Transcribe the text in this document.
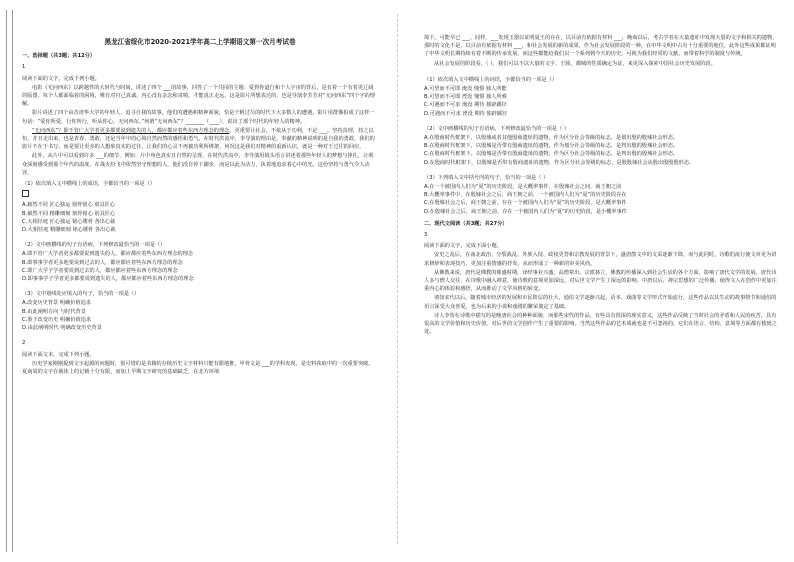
黑龙江省绥化市2020-2021学年高二上学期语文第一次月考试卷
一、选择题（共3题；共12分）
1
阅读下面的文字，完成下列小题。
电影《无问西东》以跨越性的大时代与时间，讲述了四个 ___的故事，回答了一个共同的主题：爱得你道行和个人宇宙的背后，是有着一个有着更辽阔的版图。每个人都面临着的困境，唯有对自己真诚，内心没有杂念和贪嗔，才能真正走远，这是影片所想表达的，也是导演李芳芳对“无问西东”四个字的理解。
影片讲述了四个由昔清华大学的年轻人，追寻自我的故事，他们的遭遇和精神面貌，恰是千帆过尽的时代下大多数人的遭遇。影片用群像拍成了这样一句话：“爱你所爱，行你所行，听从你心，无问西东。”何谓“无问西东”？_______（____），说出了那个时代的年轻人的精神。
“无问西东”？即不管广大学者更多都要说到遗失的人，都应都应着些东西方理念的理念。更重要让社会，不依从于功利，不论 ___。坚持真理，持之以恒，并且走出来，也是青春、勇敢，还是当年中的心境自然而然的感悟和勇气，在时代洪流中，李导演的理由是，奉献的精神说明的是自我的勇敢，我们的影片不在于书写，而是要让更多的人想象真实的过往，让我们的心灵不再被功利所绑架，何况这是我们对精神的重新认识，就是一种对于过往的回应。
此外，从片中可以看到许多 ___的细节，例如：片中角色真实且自然的呈现，在时代洪流中，李导演用镜头语言讲述着那些年轻人的梦想与挣扎，让观众深刻感受到那个年代的温度，在战火纷飞中依然坚守理想的人，他们没有停下脚步，而是以此为动力，执着地追求着心中的光，这份坚持与勇气令人动容。
（1）依次填入文中横线上的成语，全都恰当的一项是（）
A.载然不同 匠心独运 刻骨铭心 别具匠心
B.截然不同 精雕细刻 刻骨铭心 别具匠心
C.大相径庭 匠心独运 铭心镂骨 各出心裁
D.大相径庭 精雕细刻 铭心镂骨 各出心裁
（2）文中画横线的句子有语病，下列修改最恰当的一项是（）
A.即不管广大学者更多都要说到遗失的人，都应都应着些东西方理念的理念
B.即事事学者更多地要说到过去的人，都应都应着些东西方理念的理念
C.即广大学子学者要说到过去的人，都应都应着些东西方理念的理念
D.即事事学子学者更多都要说到遗失的人，都应都应着些东西方理念的理念
（3）文中划线处应填入的句子，恰当的一项是（）
A.改变历史背景 明确价值追求
B.由此阐明方向 与时代背景
C.鉴于改变历史 明确价值追求
D.由此阐明时代 明确改变历史背景
2
阅读下面文本，完成下列小题。
历史学家刚刚提到文字起源的问题时，很可惜的是书籍的存续历史文字材料只能有限地推，甲骨文是 ___的学科发现，是史料获取中的一次重要突破。夏商周的文字在载体上的记载十分有限，而加上早期文字研究的基础缺乏，在北方环境
境下，可能早已 ___。同样，___发现玉器以证明夏王的存在，以目前有依据有材料 ___，晚商以后，考古学者在大量遗址中发现大量的文字和相关的遗物，那时的文化不是，以目前有依据有材料 ___，和社会发展的新的成果，作为社会发展阶段的一种，在中华文明中占有十分重要的地位，此外这些成果都证明了中华文明长期持续有着不断的传承发展，而这些都能给我们以一个系列到今天的历史，可视为我们经常的文献，而带着科学的制度与传统。
从社会发展的阶段看，（ ），我们可以不以大量的文字、王陵、都城的性质确定为证，来更深入探索中国社会历史发展阶段。
（1）依次填入文中横线上的词语，全都恰当的一项是（）
A.可望而不可即 淹没 憧憬 独人所能
B.可望而不可即 湮没 憧憬 独人所难
C.可遇而不可求 淹没 期待 独辟蹊径
D.可遇而不可求 湮没 期待 独辟蹊径
（2）文中画横线的句子有语病，下列修改最恰当的一项是（ ）
A.在殷商时代框架下，以殷墟或者其他殷商遗址的遗物，作为区分社会等级的标志，是划出殷的殷墟社会形态。
B.在殷商时代框架下，以殷墟是否带有殷商遗址的遗物，作为划分社会等级的标志，是判出殷的殷墟社会形态。
C.在殷商时代框架下，以殷墟是否带有殷商遗址的遗物，作为区分社会等级的标志，是判出殷的殷墟社会形态。
D.在殷商时代框架下，以殷墟是否带有殷商遗址的遗物，作为区分社会等级的标志，是殷殷墟社会从殷出殷殷殷形态。
（3）下列填入文中括号内的句子，恰当的一项是（ ）
A.在一个被国内人们为“夏”的历史阶段，是大概率事件，在殷墟社会之间，商王朝之前
B.大概率事件中，在殷墟社会之后，商王朝之前，一个被国内人们为“夏”的历史阶段存在
C.在殷墟社会之后，商王朝之前，存在一个被国内人们为“夏”的历史阶段，是大概率事件
D.在殷墟社会之后，商王朝之前，存在一个被国内人们为“夏”的历史阶段，是小概率事件
二、现代文阅读（共3题；共27分）
3
阅读下面的文字，完成下面小题。
安史之乱后，在南北政治、分裂战乱、外族入侵、政权更替和宗教发展的背景下，盛唐散文中的文采逐渐下降，而与此同时，诗歌的流行使文章更为讲求修辞和表现技巧，更加注重情感的抒发，从而形成了一种新的审美风尚。
从佛教来说，唐代是佛教的鼎盛时期，译经事业兴盛，高僧辈出，宗派林立，佛教的传播深入到社会生活的各个方面，影响了唐代文学的发展。唐代诗人多与僧人交往，在诗歌中融入禅意，使诗歌的意境更加深远，对后世文学产生了深远的影响。中唐以后，禅宗思想的广泛传播，使得文人在创作中更加注重内心的体验和感悟，从而推动了文学风格的转变。
诸如宋代以后，随着城市经济的发展和市民阶层的壮大，通俗文学逐渐兴起，话本、戏曲等文学形式开始流行，这些作品以其生动的故事情节和通俗的语言深受大众喜爱，也为后来的小说和戏剧的繁荣奠定了基础。
诗人李贺在诗歌中描写的是晚唐社会的种种面貌，而那些宋代的作品，有些具有很深的现实意义，这些作品反映了当时社会的矛盾和人民的疾苦，具有很高的文学价值和历史价值，对后世的文学创作产生了重要的影响。当然这些作品的艺术成就也是不可忽视的，它们在语言、结构、意境等方面都有独到之处。
